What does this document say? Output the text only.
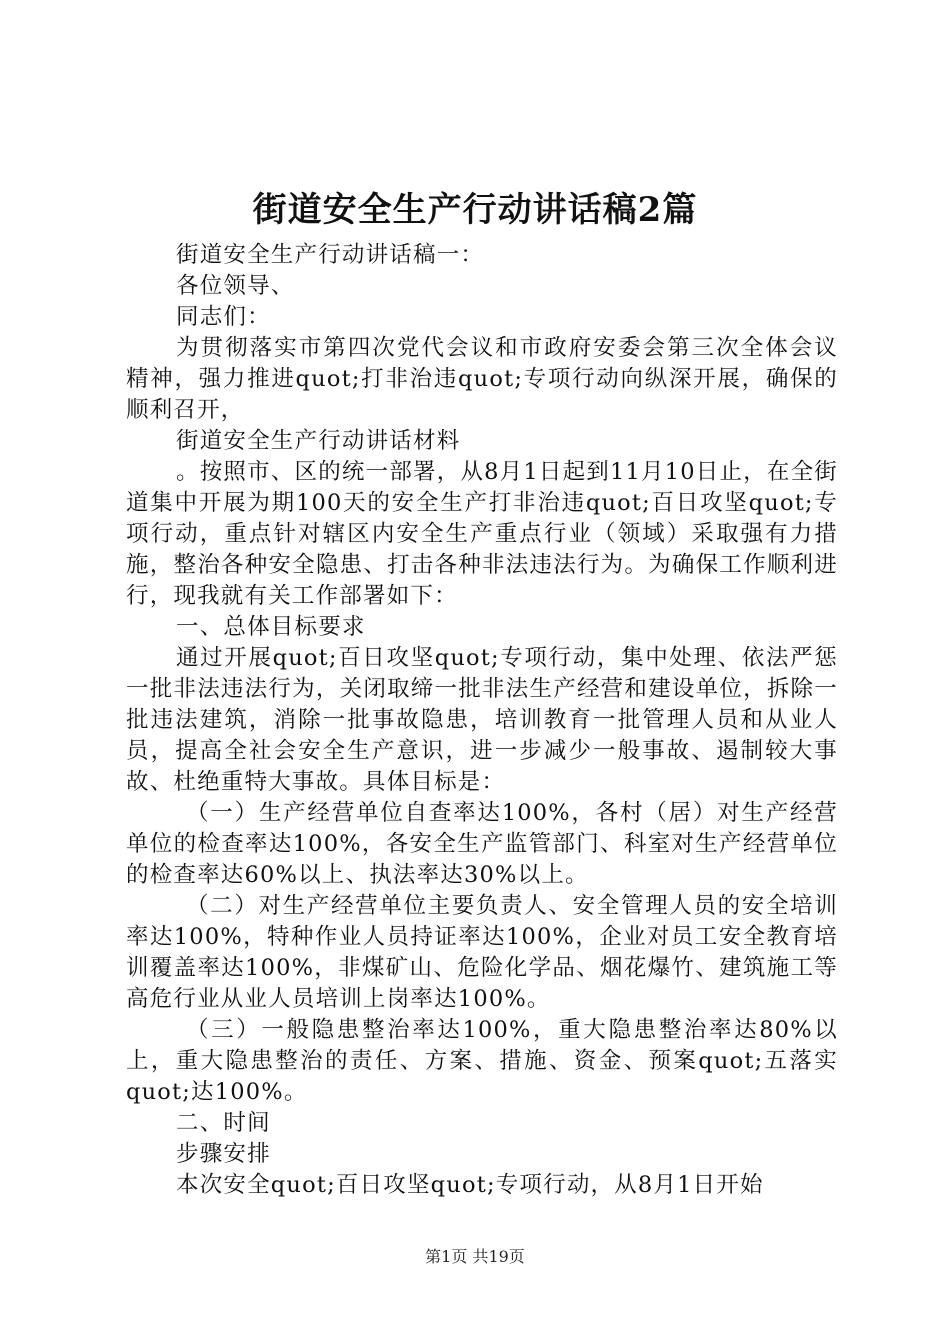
街道安全生产行动讲话稿2篇

街道安全生产行动讲话稿一：

各位领导、

同志们：

为贯彻落实市第四次党代会议和市政府安委会第三次全体会议精神，强力推进quot;打非治违quot;专项行动向纵深开展，确保的顺利召开，

街道安全生产行动讲话材料

。按照市、区的统一部署，从8月1日起到11月10日止，在全街道集中开展为期100天的安全生产打非治违quot;百日攻坚quot;专项行动，重点针对辖区内安全生产重点行业（领域）采取强有力措施，整治各种安全隐患、打击各种非法违法行为。为确保工作顺利进行，现我就有关工作部署如下：

一、总体目标要求

通过开展quot;百日攻坚quot;专项行动，集中处理、依法严惩一批非法违法行为，关闭取缔一批非法生产经营和建设单位，拆除一批违法建筑，消除一批事故隐患，培训教育一批管理人员和从业人员，提高全社会安全生产意识，进一步减少一般事故、遏制较大事故、杜绝重特大事故。具体目标是：

（一）生产经营单位自查率达100%，各村（居）对生产经营单位的检查率达100%，各安全生产监管部门、科室对生产经营单位的检查率达60%以上、执法率达30%以上。

（二）对生产经营单位主要负责人、安全管理人员的安全培训率达100%，特种作业人员持证率达100%，企业对员工安全教育培训覆盖率达100%，非煤矿山、危险化学品、烟花爆竹、建筑施工等高危行业从业人员培训上岗率达100%。

（三）一般隐患整治率达100%，重大隐患整治率达80%以上，重大隐患整治的责任、方案、措施、资金、预案quot;五落实quot;达100%。

二、时间

步骤安排

本次安全quot;百日攻坚quot;专项行动，从8月1日开始

第1页 共19页
